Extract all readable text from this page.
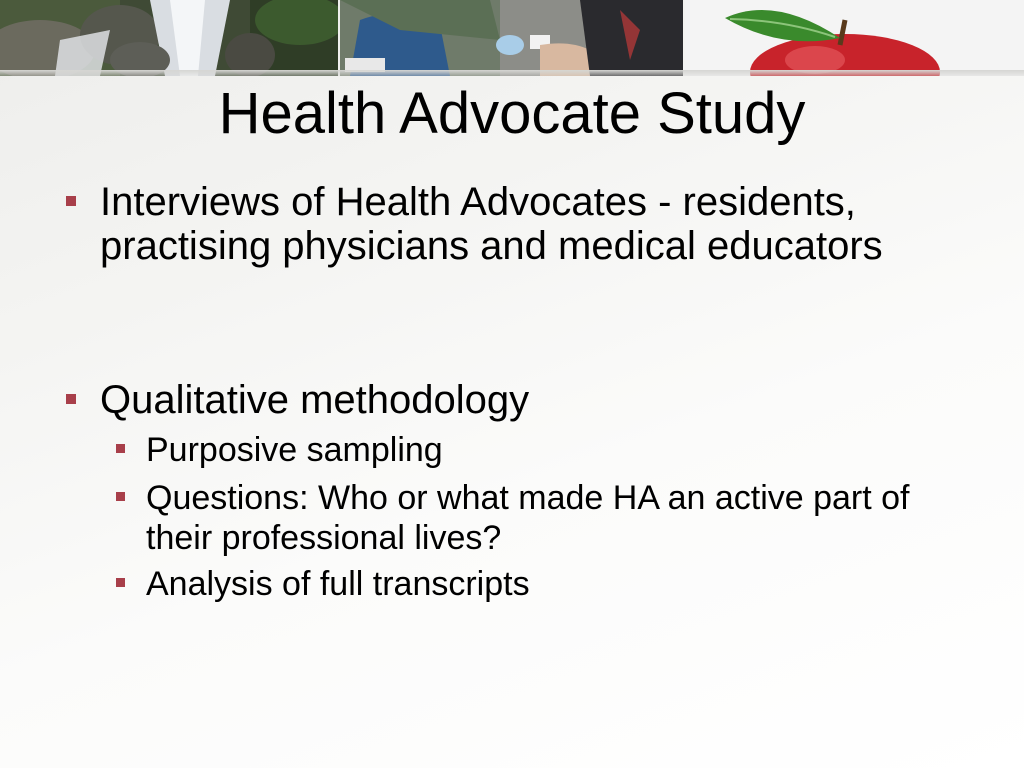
Health Advocate Study
Interviews of Health Advocates - residents, practising physicians and medical educators
Qualitative methodology
Purposive sampling
Questions: Who or what made HA an active part of their professional lives?
Analysis of full transcripts
